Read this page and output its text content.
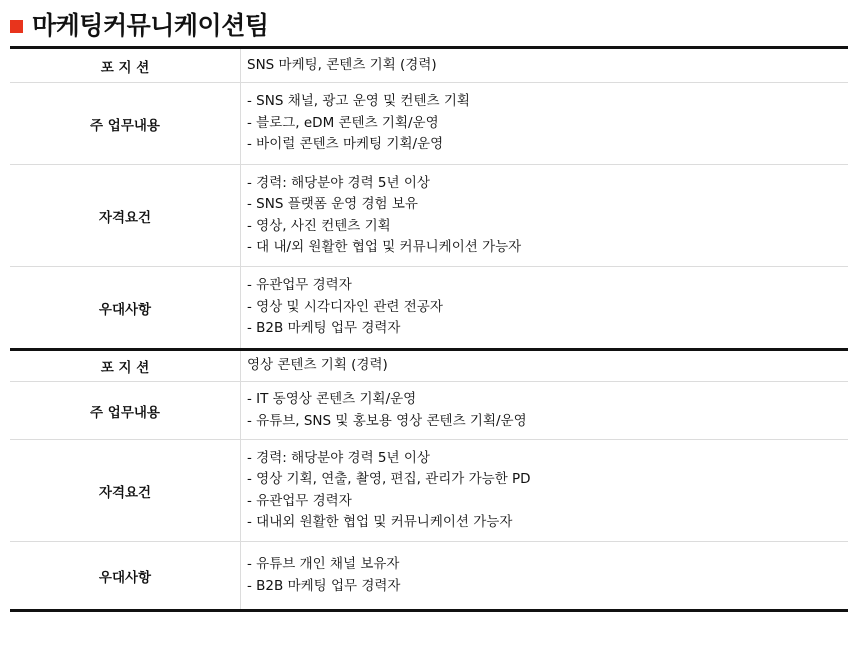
마케팅커뮤니케이션팀
포 지 션	SNS 마케팅, 콘텐츠 기획 (경력)
주 업무내용
- SNS 채널, 광고 운영 및 컨텐츠 기획
- 블로그, eDM 콘텐츠 기획/운영
- 바이럴 콘텐츠 마케팅 기획/운영
자격요건
- 경력: 해당분야 경력 5년 이상
- SNS 플랫폼 운영 경험 보유
- 영상, 사진 컨텐츠 기획
- 대 내/외 원활한 협업 및 커뮤니케이션 가능자
우대사항
- 유관업무 경력자
- 영상 및 시각디자인 관련 전공자
- B2B 마케팅 업무 경력자
포 지 션	영상 콘텐츠 기획 (경력)
주 업무내용
- IT 동영상 콘텐츠 기획/운영
- 유튜브, SNS 및 홍보용 영상 콘텐츠 기획/운영
자격요건
- 경력: 해당분야 경력 5년 이상
- 영상 기획, 연출, 촬영, 편집, 관리가 가능한 PD
- 유관업무 경력자
- 대내외 원활한 협업 및 커뮤니케이션 가능자
우대사항
- 유튜브 개인 채널 보유자
- B2B 마케팅 업무 경력자
